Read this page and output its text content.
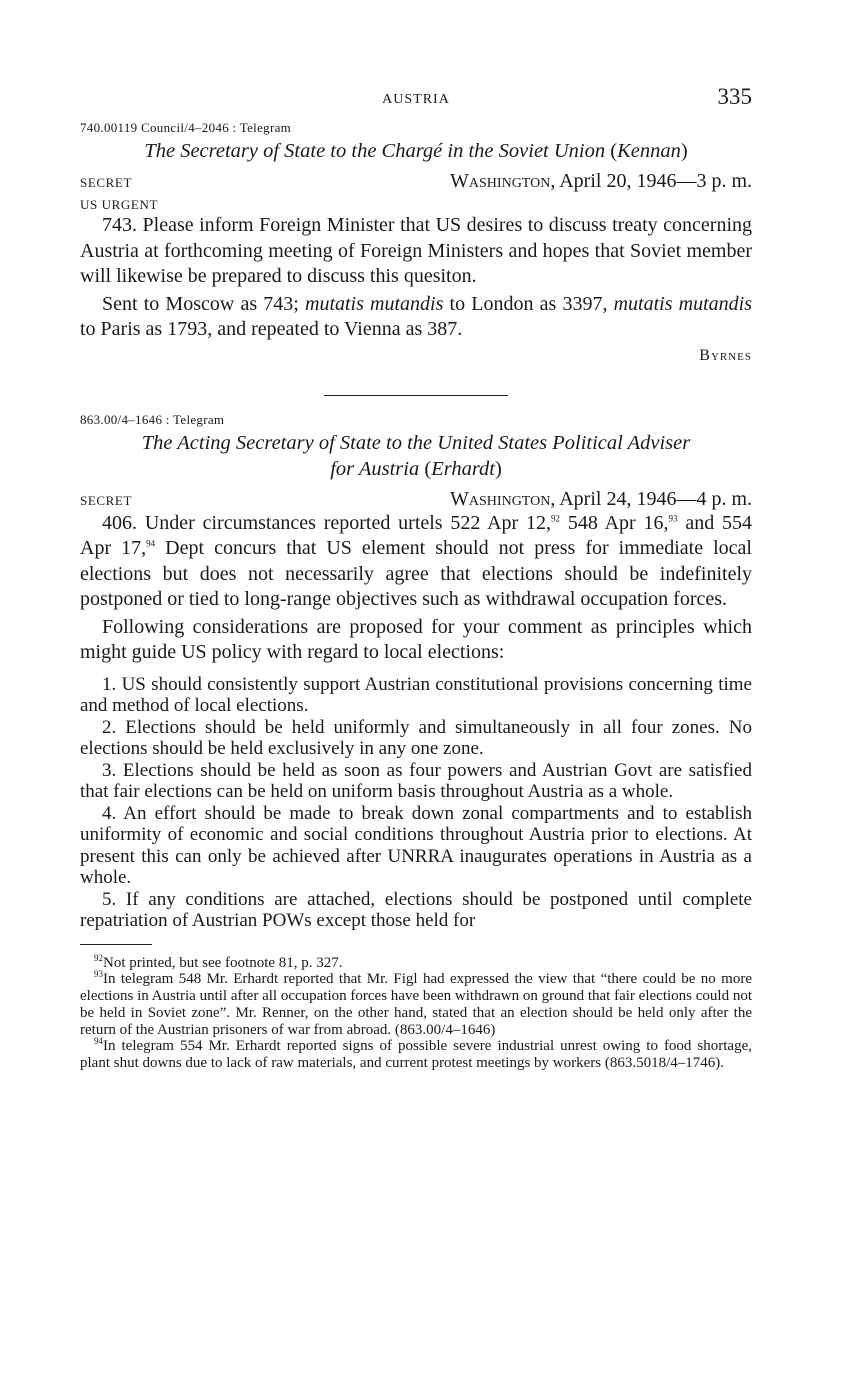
AUSTRIA	335
740.00119 Council/4–2046 : Telegram
The Secretary of State to the Chargé in the Soviet Union (Kennan)
SECRET	Washington, April 20, 1946—3 p. m.
US URGENT

743. Please inform Foreign Minister that US desires to discuss treaty concerning Austria at forthcoming meeting of Foreign Ministers and hopes that Soviet member will likewise be prepared to discuss this quesiton.

Sent to Moscow as 743; mutatis mutandis to London as 3397, mutatis mutandis to Paris as 1793, and repeated to Vienna as 387.

Byrnes
863.00/4–1646 : Telegram
The Acting Secretary of State to the United States Political Adviser
for Austria (Erhardt)
SECRET	Washington, April 24, 1946—4 p. m.

406. Under circumstances reported urtels 522 Apr 12,92 548 Apr 16,93 and 554 Apr 17,94 Dept concurs that US element should not press for immediate local elections but does not necessarily agree that elections should be indefinitely postponed or tied to long-range objectives such as withdrawal occupation forces.

Following considerations are proposed for your comment as principles which might guide US policy with regard to local elections:

1. US should consistently support Austrian constitutional provisions concerning time and method of local elections.

2. Elections should be held uniformly and simultaneously in all four zones. No elections should be held exclusively in any one zone.

3. Elections should be held as soon as four powers and Austrian Govt are satisfied that fair elections can be held on uniform basis throughout Austria as a whole.

4. An effort should be made to break down zonal compartments and to establish uniformity of economic and social conditions throughout Austria prior to elections. At present this can only be achieved after UNRRA inaugurates operations in Austria as a whole.

5. If any conditions are attached, elections should be postponed until complete repatriation of Austrian POWs except those held for

$^{92}$Not printed, but see footnote 81, p. 327.

$^{93}$In telegram 548 Mr. Erhardt reported that Mr. Figl had expressed the view that “there could be no more elections in Austria until after all occupation forces have been withdrawn on ground that fair elections could not be held in Soviet zone”. Mr. Renner, on the other hand, stated that an election should be held only after the return of the Austrian prisoners of war from abroad. (863.00/4–1646)

$^{94}$In telegram 554 Mr. Erhardt reported signs of possible severe industrial unrest owing to food shortage, plant shut downs due to lack of raw materials, and current protest meetings by workers (863.5018/4–1746).
